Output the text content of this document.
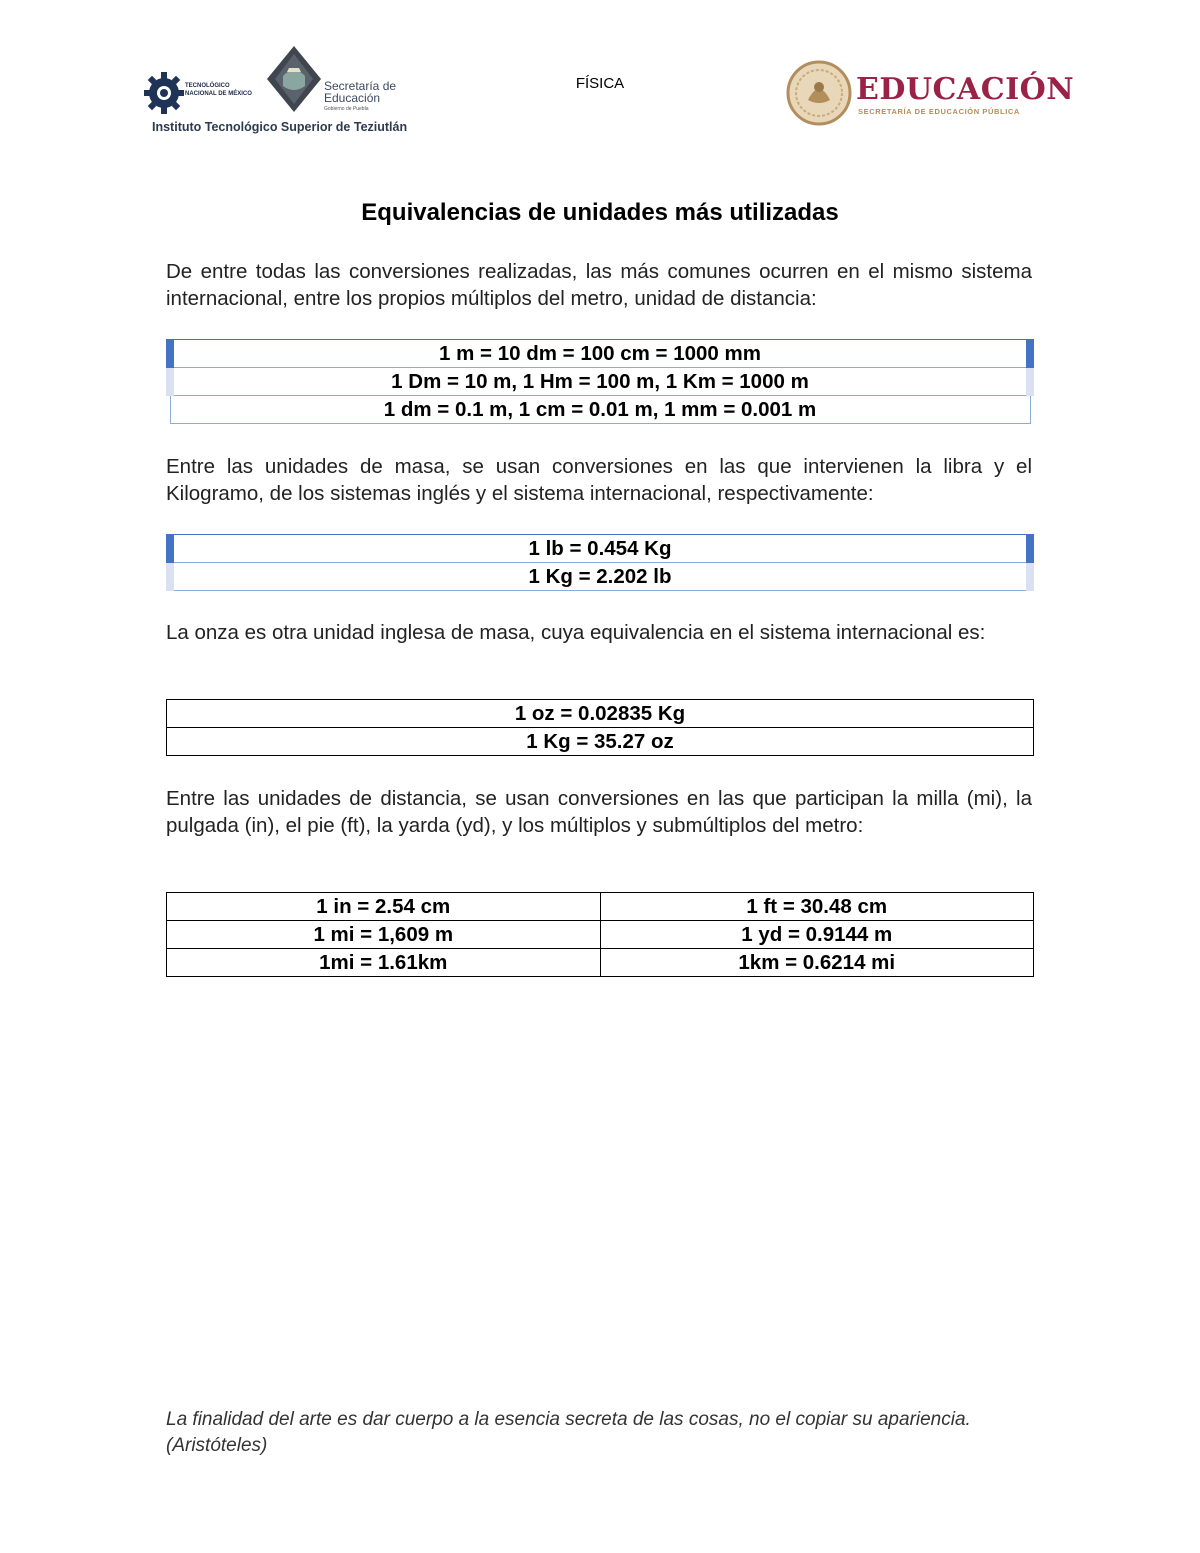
TECNOLÓGICO
NACIONAL DE MÉXICO
Secretaría de Educación
Gobierno de Puebla
Instituto Tecnológico Superior de Teziutlán
FÍSICA	EDUCACIÓN
SECRETARÍA DE EDUCACIÓN PÚBLICA
Equivalencias de unidades más utilizadas
De entre todas las conversiones realizadas, las más comunes ocurren en el mismo sistema internacional, entre los propios múltiplos del metro, unidad de distancia:
1 m = 10 dm = 100 cm = 1000 mm
1 Dm = 10 m, 1 Hm = 100 m, 1 Km = 1000 m
1 dm = 0.1 m, 1 cm = 0.01 m, 1 mm = 0.001 m
Entre las unidades de masa, se usan conversiones en las que intervienen la libra y el Kilogramo, de los sistemas inglés y el sistema internacional, respectivamente:
1 lb = 0.454 Kg
1 Kg = 2.202 lb
La onza es otra unidad inglesa de masa, cuya equivalencia en el sistema internacional es:
1 oz = 0.02835 Kg
1 Kg = 35.27 oz
Entre las unidades de distancia, se usan conversiones en las que participan la milla (mi), la pulgada (in), el pie (ft), la yarda (yd), y los múltiplos y submúltiplos del metro:
1 in = 2.54 cm	1 ft = 30.48 cm
1 mi = 1,609 m	1 yd = 0.9144 m
1mi = 1.61km	1km = 0.6214 mi
La finalidad del arte es dar cuerpo a la esencia secreta de las cosas, no el copiar su apariencia. (Aristóteles)
